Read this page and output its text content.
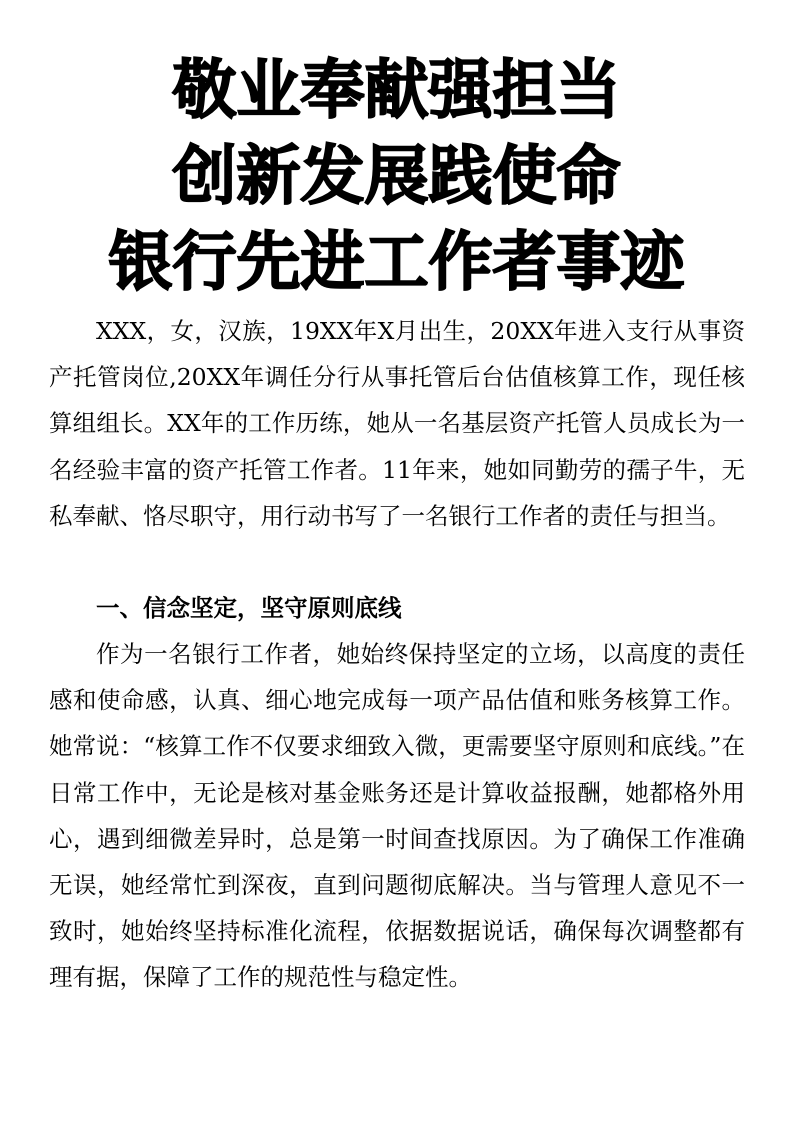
敬业奉献强担当
创新发展践使命
银行先进工作者事迹

XXX，女，汉族，19XX年X月出生，20XX年进入支行从事资产托管岗位,20XX年调任分行从事托管后台估值核算工作，现任核算组组长。XX年的工作历练，她从一名基层资产托管人员成长为一名经验丰富的资产托管工作者。11年来，她如同勤劳的孺子牛，无私奉献、恪尽职守，用行动书写了一名银行工作者的责任与担当。

一、信念坚定，坚守原则底线

作为一名银行工作者，她始终保持坚定的立场，以高度的责任感和使命感，认真、细心地完成每一项产品估值和账务核算工作。她常说：“核算工作不仅要求细致入微，更需要坚守原则和底线。”在日常工作中，无论是核对基金账务还是计算收益报酬，她都格外用心，遇到细微差异时，总是第一时间查找原因。为了确保工作准确无误，她经常忙到深夜，直到问题彻底解决。当与管理人意见不一致时，她始终坚持标准化流程，依据数据说话，确保每次调整都有理有据，保障了工作的规范性与稳定性。
